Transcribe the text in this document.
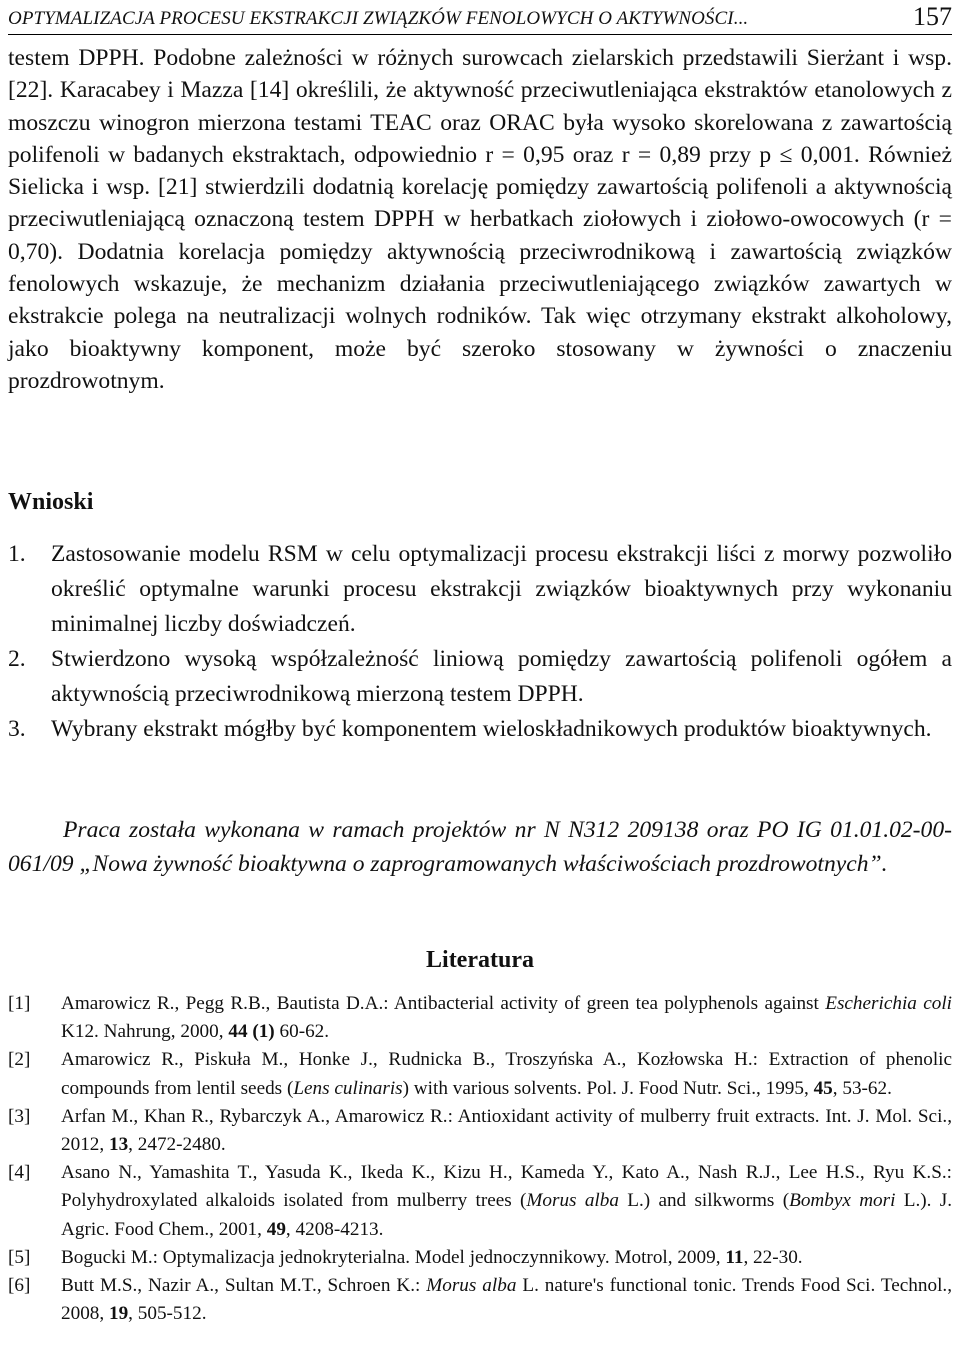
OPTYMALIZACJA PROCESU EKSTRAKCJI ZWIĄZKÓW FENOLOWYCH O AKTYWNOŚCI...	157

testem DPPH. Podobne zależności w różnych surowcach zielarskich przedstawili Sierżant i wsp. [22]. Karacabey i Mazza [14] określili, że aktywność przeciwutleniająca ekstraktów etanolowych z moszczu winogron mierzona testami TEAC oraz ORAC była wysoko skorelowana z zawartością polifenoli w badanych ekstraktach, odpowiednio r = 0,95 oraz r = 0,89 przy p ≤ 0,001. Również Sielicka i wsp. [21] stwierdzili dodatnią korelację pomiędzy zawartością polifenoli a aktywnością przeciwutleniającą oznaczoną testem DPPH w herbatkach ziołowych i ziołowo-owocowych (r = 0,70). Dodatnia korelacja pomiędzy aktywnością przeciwrodnikową i zawartością związków fenolowych wskazuje, że mechanizm działania przeciwutleniającego związków zawartych w ekstrakcie polega na neutralizacji wolnych rodników. Tak więc otrzymany ekstrakt alkoholowy, jako bioaktywny komponent, może być szeroko stosowany w żywności o znaczeniu prozdrowotnym.

Wnioski
1. Zastosowanie modelu RSM w celu optymalizacji procesu ekstrakcji liści z morwy pozwoliło określić optymalne warunki procesu ekstrakcji związków bioaktywnych przy wykonaniu minimalnej liczby doświadczeń.
2. Stwierdzono wysoką współzależność liniową pomiędzy zawartością polifenoli ogółem a aktywnością przeciwrodnikową mierzoną testem DPPH.
3. Wybrany ekstrakt mógłby być komponentem wieloskładnikowych produktów bioaktywnych.

Praca została wykonana w ramach projektów nr N N312 209138 oraz PO IG 01.01.02-00-061/09 „Nowa żywność bioaktywna o zaprogramowanych właściwościach prozdrowotnych”.

Literatura
[1] Amarowicz R., Pegg R.B., Bautista D.A.: Antibacterial activity of green tea polyphenols against Escherichia coli K12. Nahrung, 2000, 44 (1) 60-62.
[2] Amarowicz R., Piskuła M., Honke J., Rudnicka B., Troszyńska A., Kozłowska H.: Extraction of phenolic compounds from lentil seeds (Lens culinaris) with various solvents. Pol. J. Food Nutr. Sci., 1995, 45, 53-62.
[3] Arfan M., Khan R., Rybarczyk A., Amarowicz R.: Antioxidant activity of mulberry fruit extracts. Int. J. Mol. Sci., 2012, 13, 2472-2480.
[4] Asano N., Yamashita T., Yasuda K., Ikeda K., Kizu H., Kameda Y., Kato A., Nash R.J., Lee H.S., Ryu K.S.: Polyhydroxylated alkaloids isolated from mulberry trees (Morus alba L.) and silkworms (Bombyx mori L.). J. Agric. Food Chem., 2001, 49, 4208-4213.
[5] Bogucki M.: Optymalizacja jednokryterialna. Model jednoczynnikowy. Motrol, 2009, 11, 22-30.
[6] Butt M.S., Nazir A., Sultan M.T., Schroen K.: Morus alba L. nature's functional tonic. Trends Food Sci. Technol., 2008, 19, 505-512.
